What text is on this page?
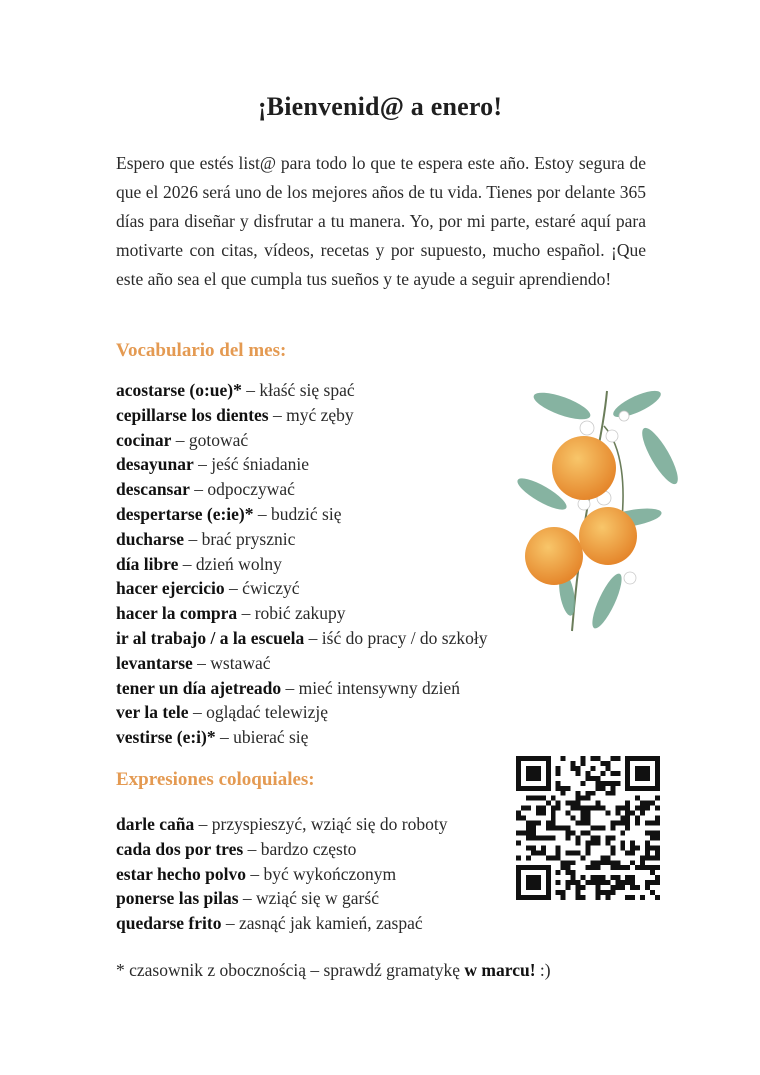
¡Bienvenid@ a enero!
Espero que estés list@ para todo lo que te espera este año. Estoy segura de que el 2026 será uno de los mejores años de tu vida. Tienes por delante 365 días para diseñar y disfrutar a tu manera. Yo, por mi parte, estaré aquí para motivarte con citas, vídeos, recetas y por supuesto, mucho español. ¡Que este año sea el que cumpla tus sueños y te ayude a seguir aprendiendo!
Vocabulario del mes:
acostarse (o:ue)* – kłaść się spać
cepillarse los dientes – myć zęby
cocinar – gotować
desayunar – jeść śniadanie
descansar – odpoczywać
despertarse (e:ie)* – budzić się
ducharse – brać prysznic
día libre – dzień wolny
hacer ejercicio – ćwiczyć
hacer la compra – robić zakupy
ir al trabajo / a la escuela – iść do pracy / do szkoły
levantarse – wstawać
tener un día ajetreado – mieć intensywny dzień
ver la tele – oglądać telewizję
vestirse (e:i)* – ubierać się
Expresiones coloquiales:
darle caña – przyspieszyć, wziąć się do roboty
cada dos por tres – bardzo często
estar hecho polvo – być wykończonym
ponerse las pilas – wziąć się w garść
quedarse frito – zasnąć jak kamień, zaspać
* czasownik z obocznością – sprawdź gramatykę w marcu! :)
